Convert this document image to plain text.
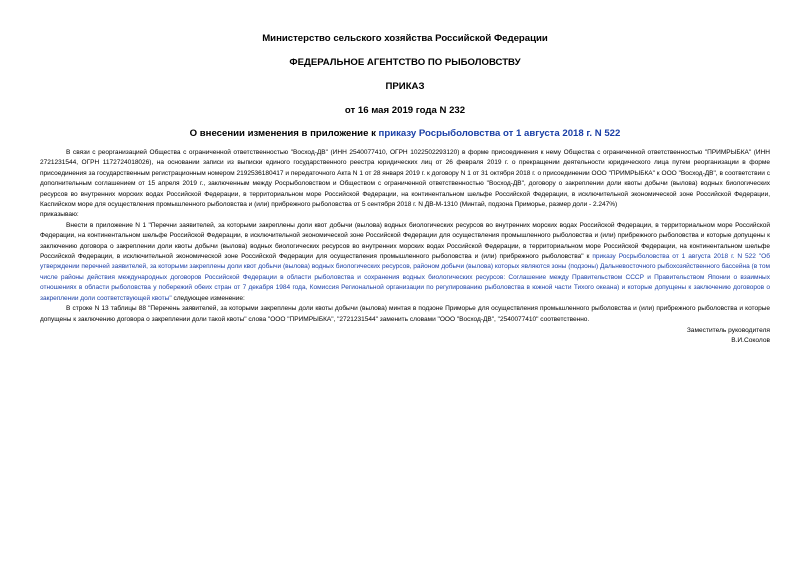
Министерство сельского хозяйства Российской Федерации
ФЕДЕРАЛЬНОЕ АГЕНТСТВО ПО РЫБОЛОВСТВУ
ПРИКАЗ
от 16 мая 2019 года N 232
О внесении изменения в приложение к приказу Росрыболовства от 1 августа 2018 г. N 522

В связи с реорганизацией Общества с ограниченной ответственностью "Восход-ДВ" (ИНН 2540077410, ОГРН 1022502293120) в форме присоединения к нему Общества с ограниченной ответственностью "ПРИМРЫБКА" (ИНН 2721231544, ОГРН 1172724018026), на основании записи из выписки единого государственного реестра юридических лиц от 26 февраля 2019 г. о прекращении деятельности юридического лица путем реорганизации в форме присоединения за государственным регистрационным номером 2192536180417 и передаточного Акта N 1 от 28 января 2019 г. к договору N 1 от 31 октября 2018 г. о присоединении ООО "ПРИМРЫБКА" к ООО "Восход-ДВ", в соответствии с дополнительным соглашением от 15 апреля 2019 г., заключенным между Росрыболовством и Обществом с ограниченной ответственностью "Восход-ДВ", договору о закреплении доли квоты добычи (вылова) водных биологических ресурсов во внутренних морских водах Российской Федерации, в территориальном море Российской Федерации, на континентальном шельфе Российской Федерации, в исключительной экономической зоне Российской Федерации, Каспийском море для осуществления промышленного рыболовства и (или) прибрежного рыболовства от 5 сентября 2018 г. N ДВ-М-1310 (Минтай, подзона Приморье, размер доли - 2.247%)

приказываю:

Внести в приложение N 1 "Перечни заявителей, за которыми закреплены доли квот добычи (вылова) водных биологических ресурсов во внутренних морских водах Российской Федерации, в территориальном море Российской Федерации, на континентальном шельфе Российской Федерации, в исключительной экономической зоне Российской Федерации для осуществления промышленного рыболовства и (или) прибрежного рыболовства и которые допущены к заключению договора о закреплении доли квоты добычи (вылова) водных биологических ресурсов во внутренних морских водах Российской Федерации, в территориальном море Российской Федерации, на континентальном шельфе Российской Федерации, в исключительной экономической зоне Российской Федерации для осуществления промышленного рыболовства и (или) прибрежного рыболовства" к приказу Росрыболовства от 1 августа 2018 г. N 522 "Об утверждении перечней заявителей, за которыми закреплены доли квот добычи (вылова) водных биологических ресурсов, районом добычи (вылова) которых являются зоны (подзоны) Дальневосточного рыбохозяйственного бассейна (в том числе районы действия международных договоров Российской Федерации в области рыболовства и сохранения водных биологических ресурсов: Соглашение между Правительством СССР и Правительством Японии о взаимных отношениях в области рыболовства у побережий обеих стран от 7 декабря 1984 года, Комиссия Региональной организации по регулированию рыболовства в южной части Тихого океана) и которые допущены к заключению договоров о закреплении доли соответствующей квоты" следующее изменение:

В строке N 13 таблицы 88 "Перечень заявителей, за которыми закреплены доли квоты добычи (вылова) минтая в подзоне Приморье для осуществления промышленного рыболовства и (или) прибрежного рыболовства и которые допущены к заключению договора о закреплении доли такой квоты" слова "ООО "ПРИМРЫБКА", "2721231544" заменить словами "ООО "Восход-ДВ", "2540077410" соответственно.

Заместитель руководителя
В.И.Соколов
